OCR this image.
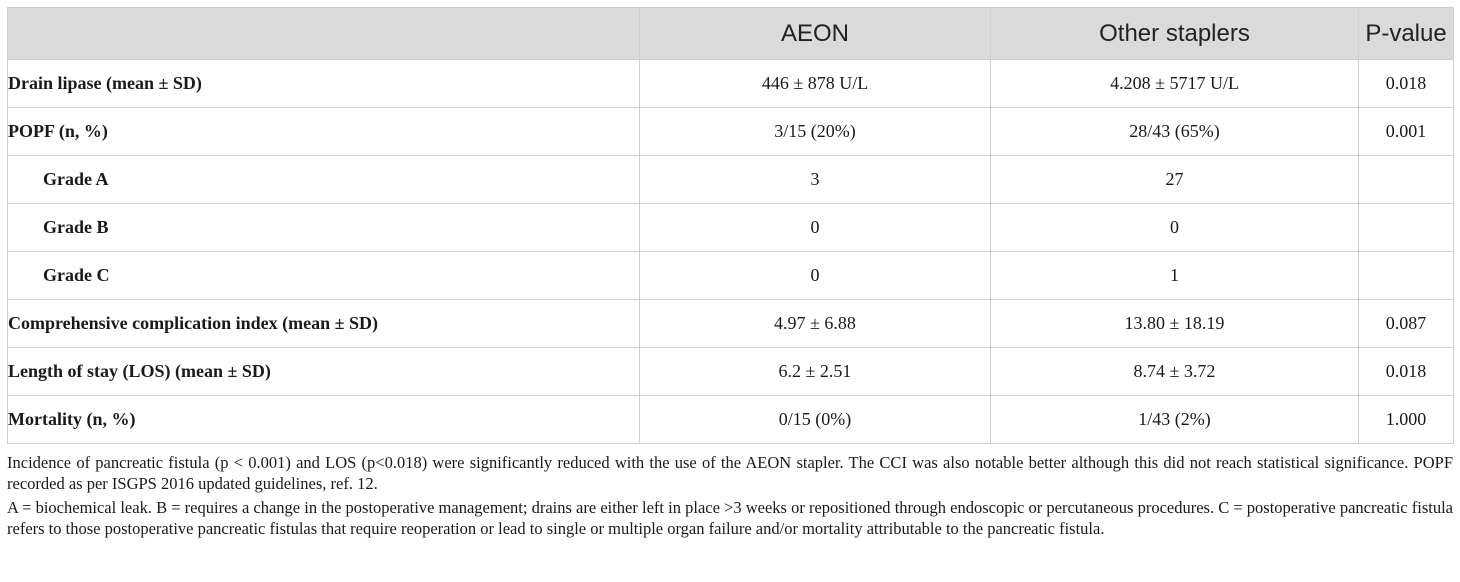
	AEON	Other staplers	P-value
Drain lipase (mean ± SD)	446 ± 878 U/L	4.208 ± 5717 U/L	0.018
POPF (n, %)	3/15 (20%)	28/43 (65%)	0.001
Grade A	3	27	
Grade B	0	0	
Grade C	0	1	
Comprehensive complication index (mean ± SD)	4.97 ± 6.88	13.80 ± 18.19	0.087
Length of stay (LOS) (mean ± SD)	6.2 ± 2.51	8.74 ± 3.72	0.018
Mortality (n, %)	0/15 (0%)	1/43 (2%)	1.000

Incidence of pancreatic fistula (p < 0.001) and LOS (p<0.018) were significantly reduced with the use of the AEON stapler. The CCI was also notable better although this did not reach statistical significance. POPF recorded as per ISGPS 2016 updated guidelines, ref. 12.

A = biochemical leak. B = requires a change in the postoperative management; drains are either left in place >3 weeks or repositioned through endoscopic or percutaneous procedures. C = postoperative pancreatic fistula refers to those postoperative pancreatic fistulas that require reoperation or lead to single or multiple organ failure and/or mortality attributable to the pancreatic fistula.
